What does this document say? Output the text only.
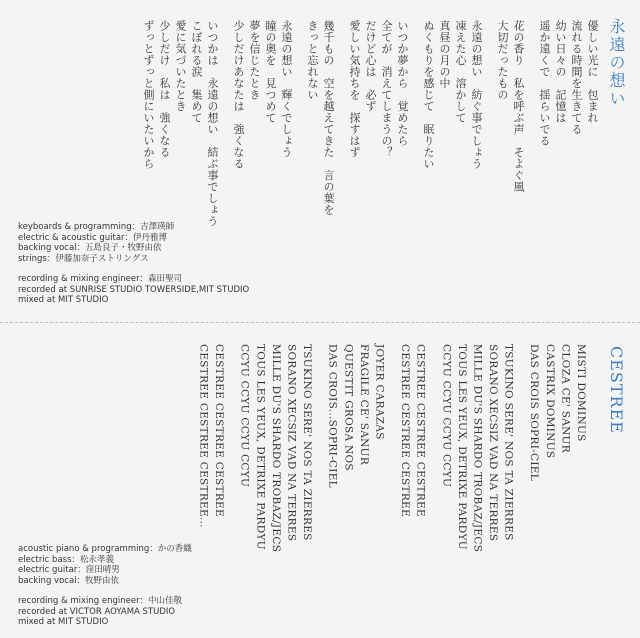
永遠の想い
優しい光に　包まれ
流れる時間を生きてる
幼い日々の　記憶は
遥か遠くで　揺らいでる
花の香り　私を呼ぶ声　そよぐ風
大切だったもの
永遠の想い　紡ぐ事でしょう
凍えた心　溶かして
真昼の月の中
ぬくもりを感じて　眠りたい
いつか夢から　覚めたら
全てが　消えてしまうの？
だけど心は　必ず
愛しい気持ちを　探すはず
幾千もの　空を越えてきた　言の葉を
きっと忘れない
永遠の想い　輝くでしょう
瞳の奥を　見つめて
夢を信じたとき
少しだけあなたは　強くなる
いつかは　永遠の想い　結ぶ事でしょう
こぼれる涙　集めて
愛に気づいたとき
少しだけ　私は　強くなる
ずっとずっと側にいたいから
keyboards & programming：吉澤瑛師
electric & acoustic guitar：伊丹雅博
backing vocal：五島良子・牧野由依
strings：伊藤加奈子ストリングス
recording & mixing engineer：森田聖司
recorded at SUNRISE STUDIO TOWERSIDE,MIT STUDIO
mixed at MIT STUDIO
CESTREE
MISTI DOMINUS
CLOZA CE' SANUR
CASTRIX DOMINUS
DAS CROIS SOPRI-CIEL
TSUKINO SERE' NOS TA ZIERRES
SORANO XECSIZ VAD NA TERRES
MILLE DU'S SHARDO TROBAZ/JECS
TOUS LES YEUX, DETRIXE PARDYU
CCYU CCYU CCYU CCYU
CESTREE CESTREE CESTREE
CESTREE CESTREE CESTREE
JOYER CARAZAS
FRAGILE CE' SANUR
QUESTIT GROSA NOS
DAS CROIS...SOPRI-CIEL
TSUKINO SERE' NOS TA ZIERRES
SORANO XECSIZ VAD NA TERRES
MILLE DU'S SHARDO TROBAZ/JECS
TOUS LES YEUX, DETRIXE PARDYU
CCYU CCYU CCYU CCYU
CESTREE CESTREE CESTREE
CESTREE CESTREE CESTREE...
acoustic piano & programming：かの香織
electric bass：松永孝義
electric guitar：窪田晴男
backing vocal：牧野由依
recording & mixing engineer：中山佳敬
recorded at VICTOR AOYAMA STUDIO
mixed at MIT STUDIO
